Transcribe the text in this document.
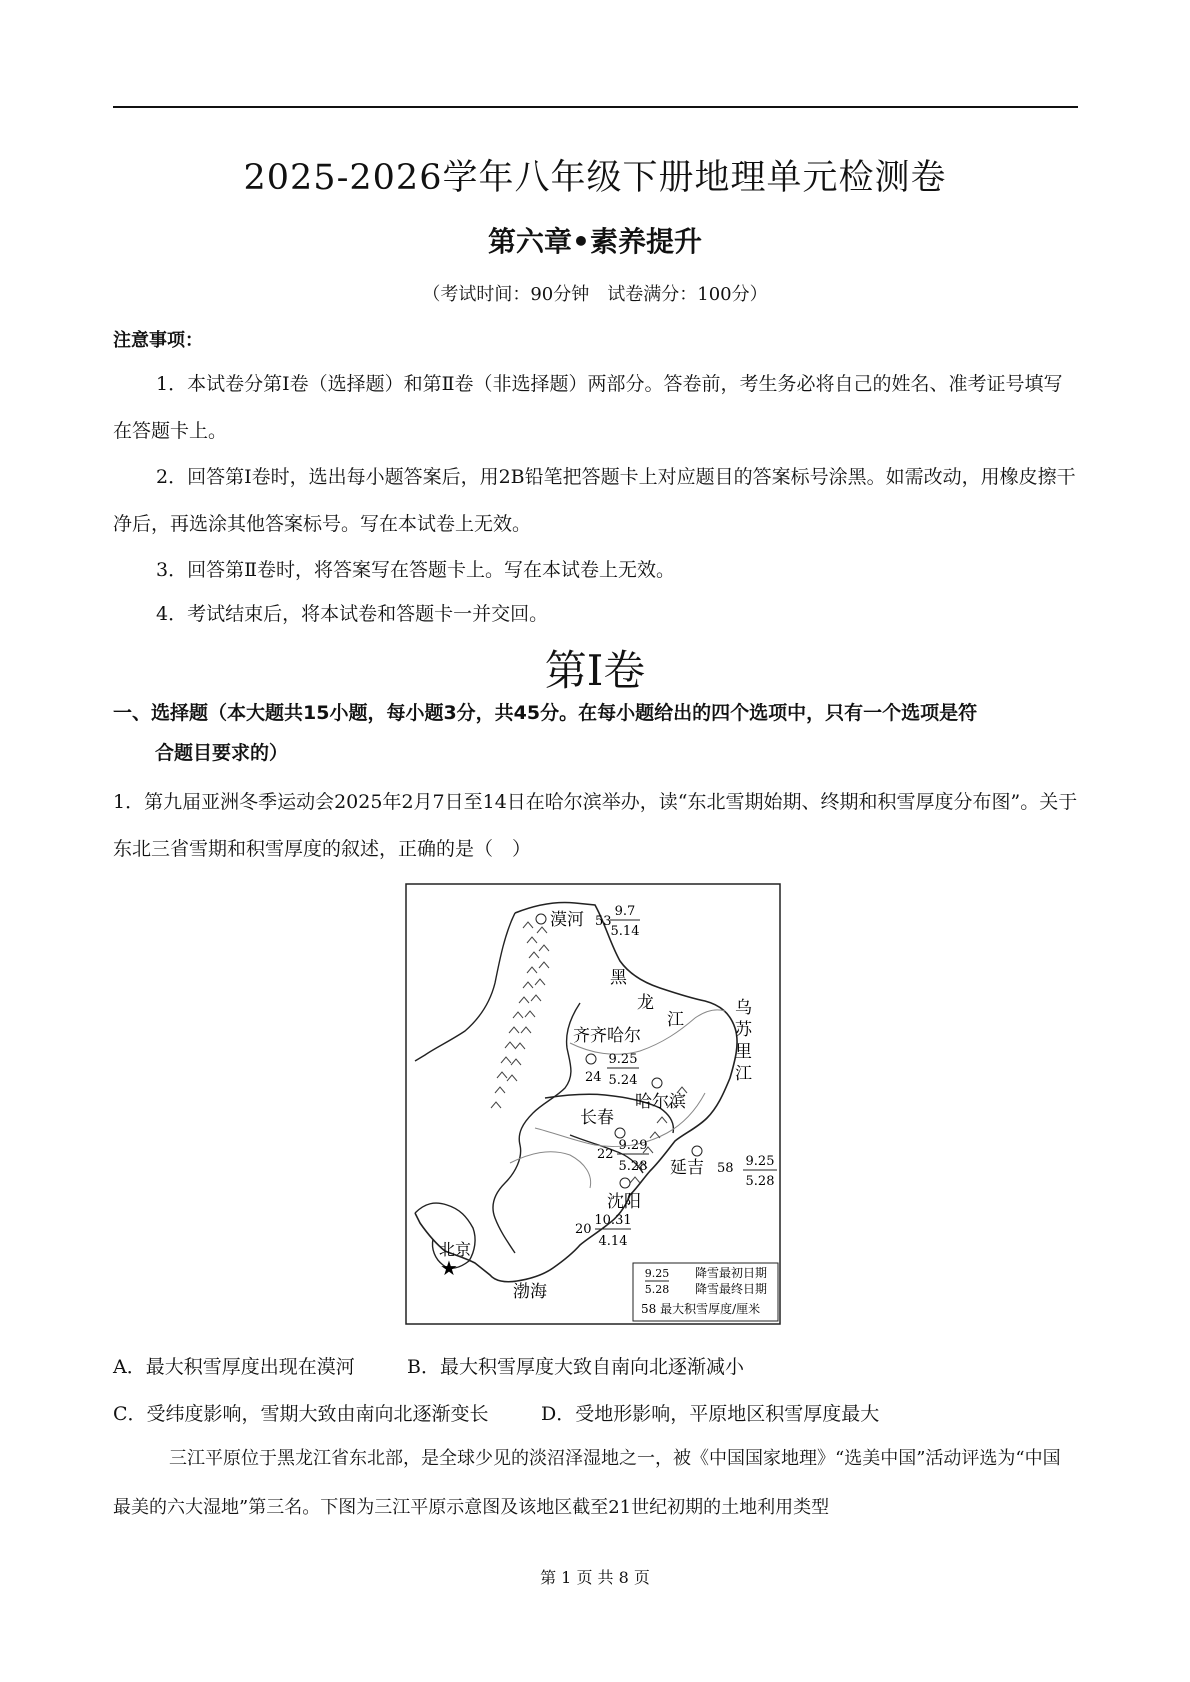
2025-2026学年八年级下册地理单元检测卷
第六章•素养提升
（考试时间：90分钟　试卷满分：100分）
注意事项：
1．本试卷分第Ⅰ卷（选择题）和第Ⅱ卷（非选择题）两部分。答卷前，考生务必将自己的姓名、准考证号填写在答题卡上。
2．回答第Ⅰ卷时，选出每小题答案后，用2B铅笔把答题卡上对应题目的答案标号涂黑。如需改动，用橡皮擦干净后，再选涂其他答案标号。写在本试卷上无效。
3．回答第Ⅱ卷时，将答案写在答题卡上。写在本试卷上无效。
4．考试结束后，将本试卷和答题卡一并交回。
第Ⅰ卷
一、选择题（本大题共15小题，每小题3分，共45分。在每小题给出的四个选项中，只有一个选项是符
合题目要求的）
1．第九届亚洲冬季运动会2025年2月7日至14日在哈尔滨举办，读“东北雪期始期、终期和积雪厚度分布图”。关于东北三省雪期和积雪厚度的叙述，正确的是（　）
漠河 53
9.7
5.14
黑
龙
江
乌
苏
里
江
齐齐哈尔
24
9.25
5.24
哈尔滨
长春
22
9.29
5.28 延吉 58 9.25
5.28
沈阳
20
10.31
4.14
北京
★
渤海
9.25
5.28
降雪最初日期
降雪最终日期
58 最大积雪厚度/厘米
A．最大积雪厚度出现在漠河	B．最大积雪厚度大致自南向北逐渐减小
C．受纬度影响，雪期大致由南向北逐渐变长	D．受地形影响，平原地区积雪厚度最大
三江平原位于黑龙江省东北部，是全球少见的淡沼泽湿地之一，被《中国国家地理》“选美中国”活动评选为“中国最美的六大湿地”第三名。下图为三江平原示意图及该地区截至21世纪初期的土地利用类型
第 1 页 共 8 页
